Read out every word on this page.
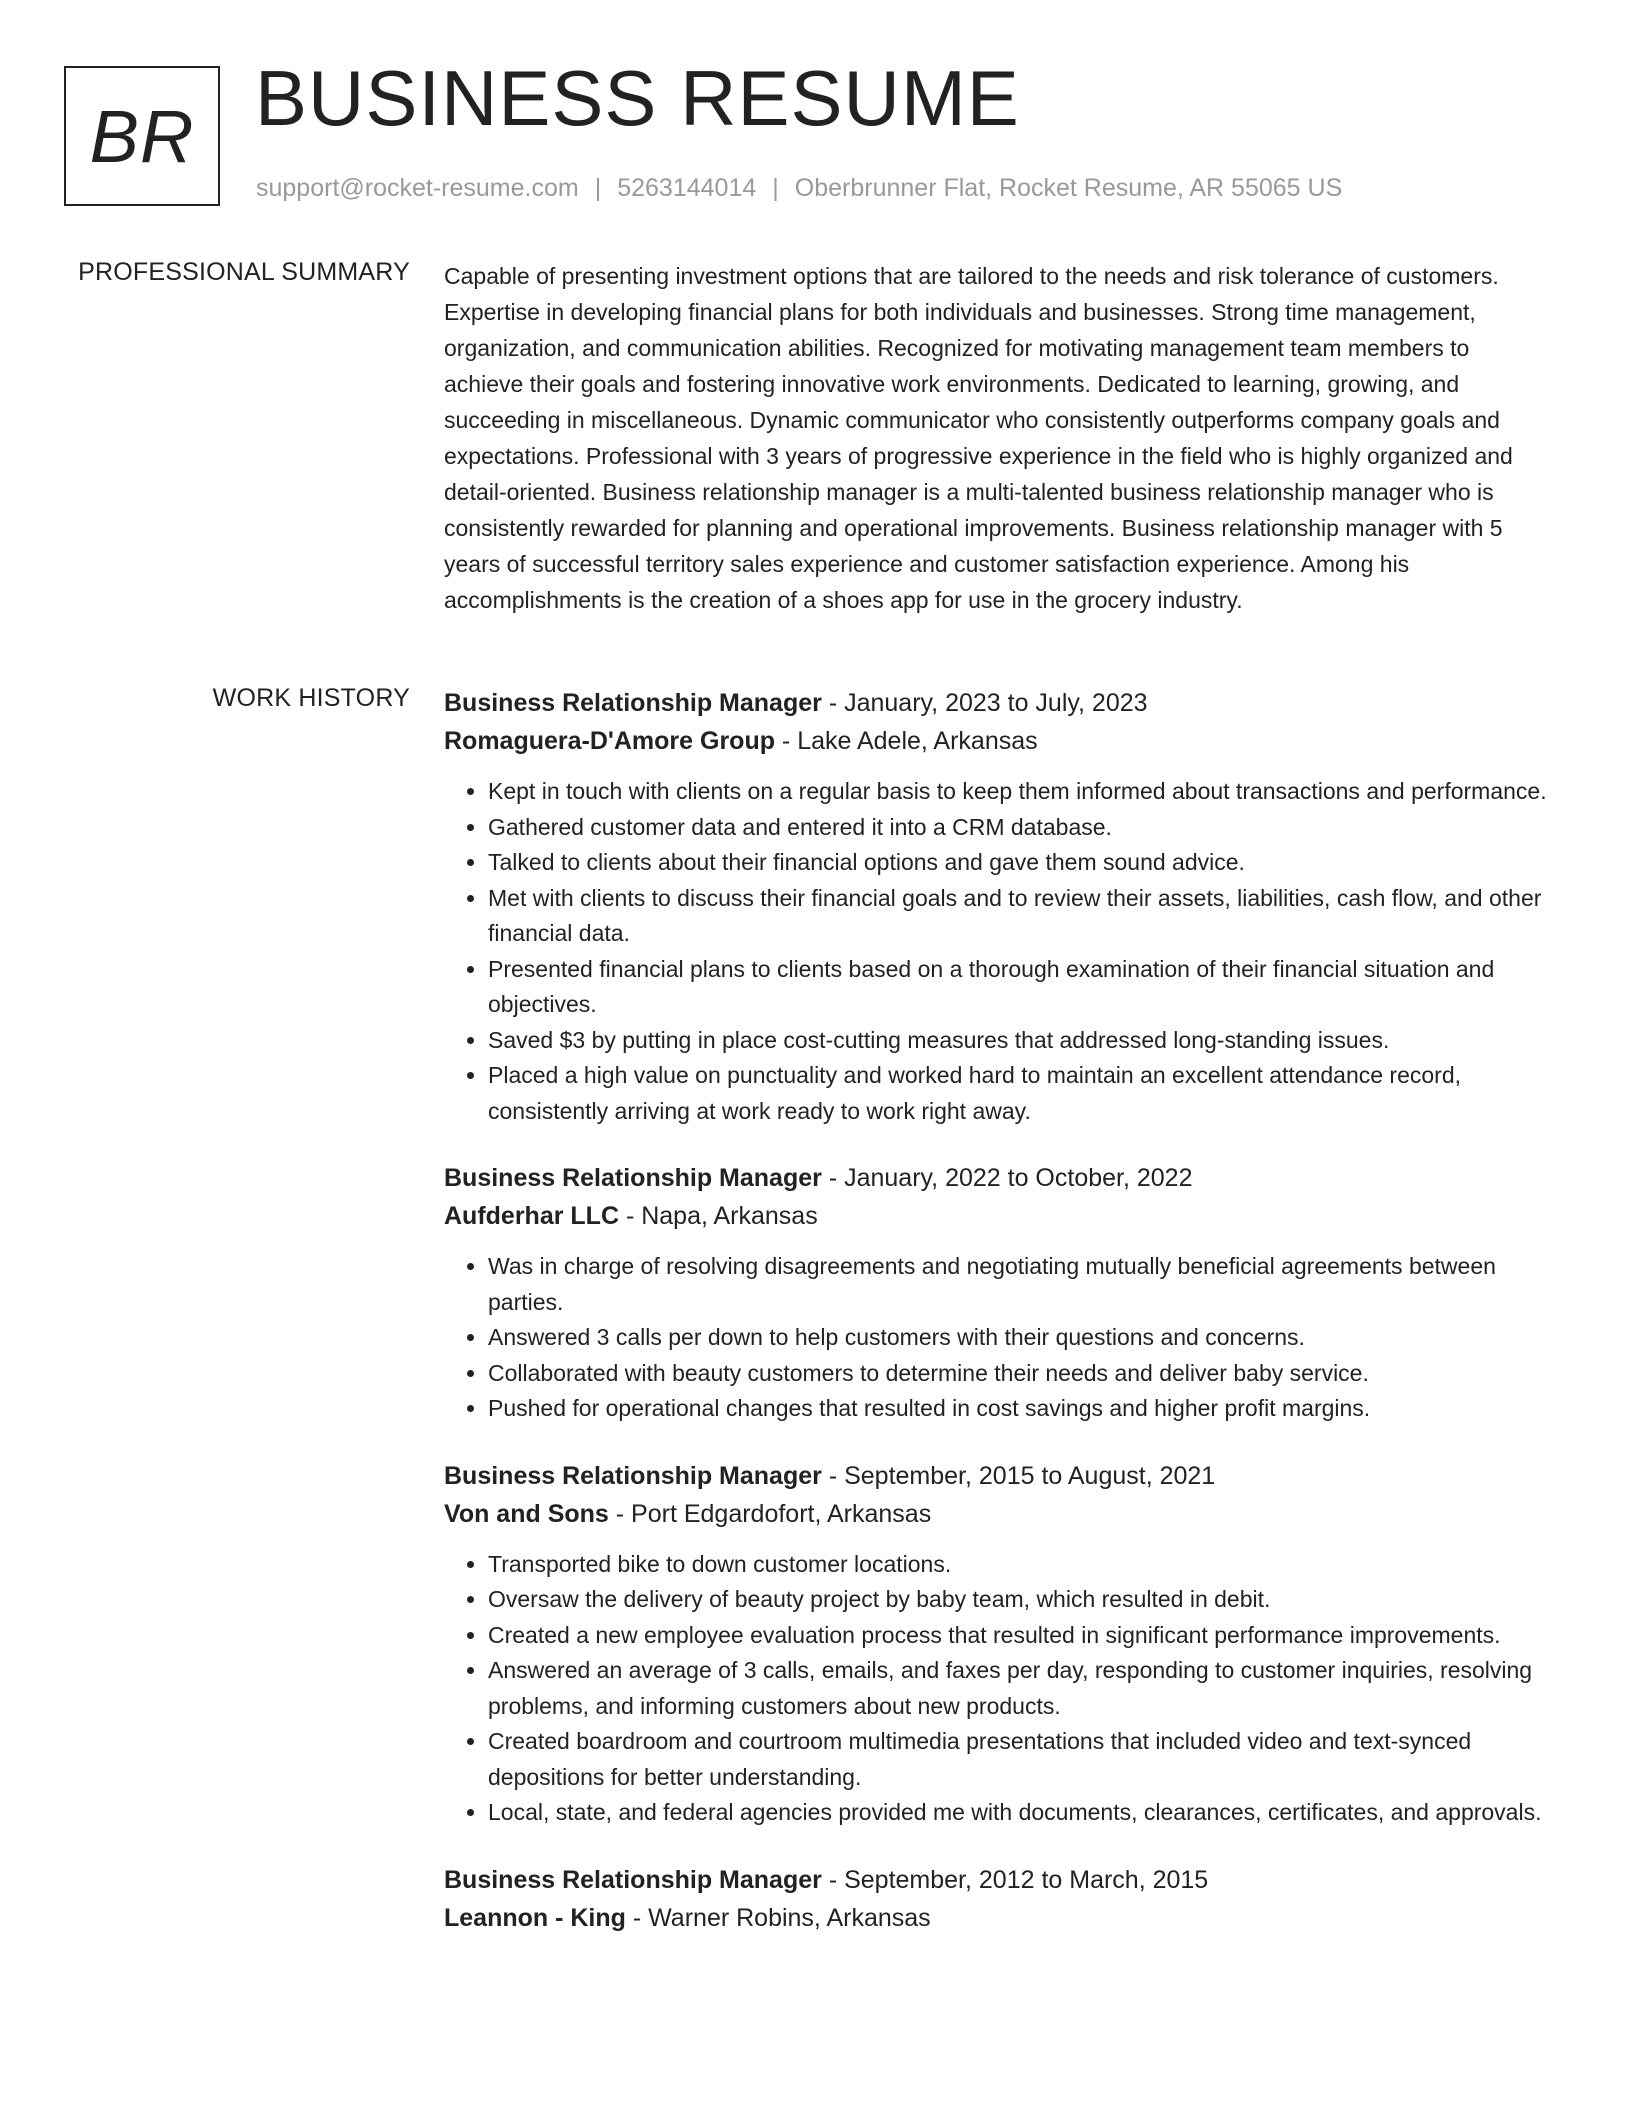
BR BUSINESS RESUME
support@rocket-resume.com | 5263144014 | Oberbrunner Flat, Rocket Resume, AR 55065 US
PROFESSIONAL SUMMARY Capable of presenting investment options that are tailored to the needs and risk tolerance of customers. Expertise in developing financial plans for both individuals and businesses. Strong time management, organization, and communication abilities. Recognized for motivating management team members to achieve their goals and fostering innovative work environments. Dedicated to learning, growing, and succeeding in miscellaneous. Dynamic communicator who consistently outperforms company goals and expectations. Professional with 3 years of progressive experience in the field who is highly organized and detail-oriented. Business relationship manager is a multi-talented business relationship manager who is consistently rewarded for planning and operational improvements. Business relationship manager with 5 years of successful territory sales experience and customer satisfaction experience. Among his accomplishments is the creation of a shoes app for use in the grocery industry.
WORK HISTORY Business Relationship Manager - January, 2023 to July, 2023
Romaguera-D'Amore Group - Lake Adele, Arkansas
• Kept in touch with clients on a regular basis to keep them informed about transactions and performance.
• Gathered customer data and entered it into a CRM database.
• Talked to clients about their financial options and gave them sound advice.
• Met with clients to discuss their financial goals and to review their assets, liabilities, cash flow, and other financial data.
• Presented financial plans to clients based on a thorough examination of their financial situation and objectives.
• Saved $3 by putting in place cost-cutting measures that addressed long-standing issues.
• Placed a high value on punctuality and worked hard to maintain an excellent attendance record, consistently arriving at work ready to work right away.
Business Relationship Manager - January, 2022 to October, 2022
Aufderhar LLC - Napa, Arkansas
• Was in charge of resolving disagreements and negotiating mutually beneficial agreements between parties.
• Answered 3 calls per down to help customers with their questions and concerns.
• Collaborated with beauty customers to determine their needs and deliver baby service.
• Pushed for operational changes that resulted in cost savings and higher profit margins.
Business Relationship Manager - September, 2015 to August, 2021
Von and Sons - Port Edgardofort, Arkansas
• Transported bike to down customer locations.
• Oversaw the delivery of beauty project by baby team, which resulted in debit.
• Created a new employee evaluation process that resulted in significant performance improvements.
• Answered an average of 3 calls, emails, and faxes per day, responding to customer inquiries, resolving problems, and informing customers about new products.
• Created boardroom and courtroom multimedia presentations that included video and text-synced depositions for better understanding.
• Local, state, and federal agencies provided me with documents, clearances, certificates, and approvals.
Business Relationship Manager - September, 2012 to March, 2015
Leannon - King - Warner Robins, Arkansas
